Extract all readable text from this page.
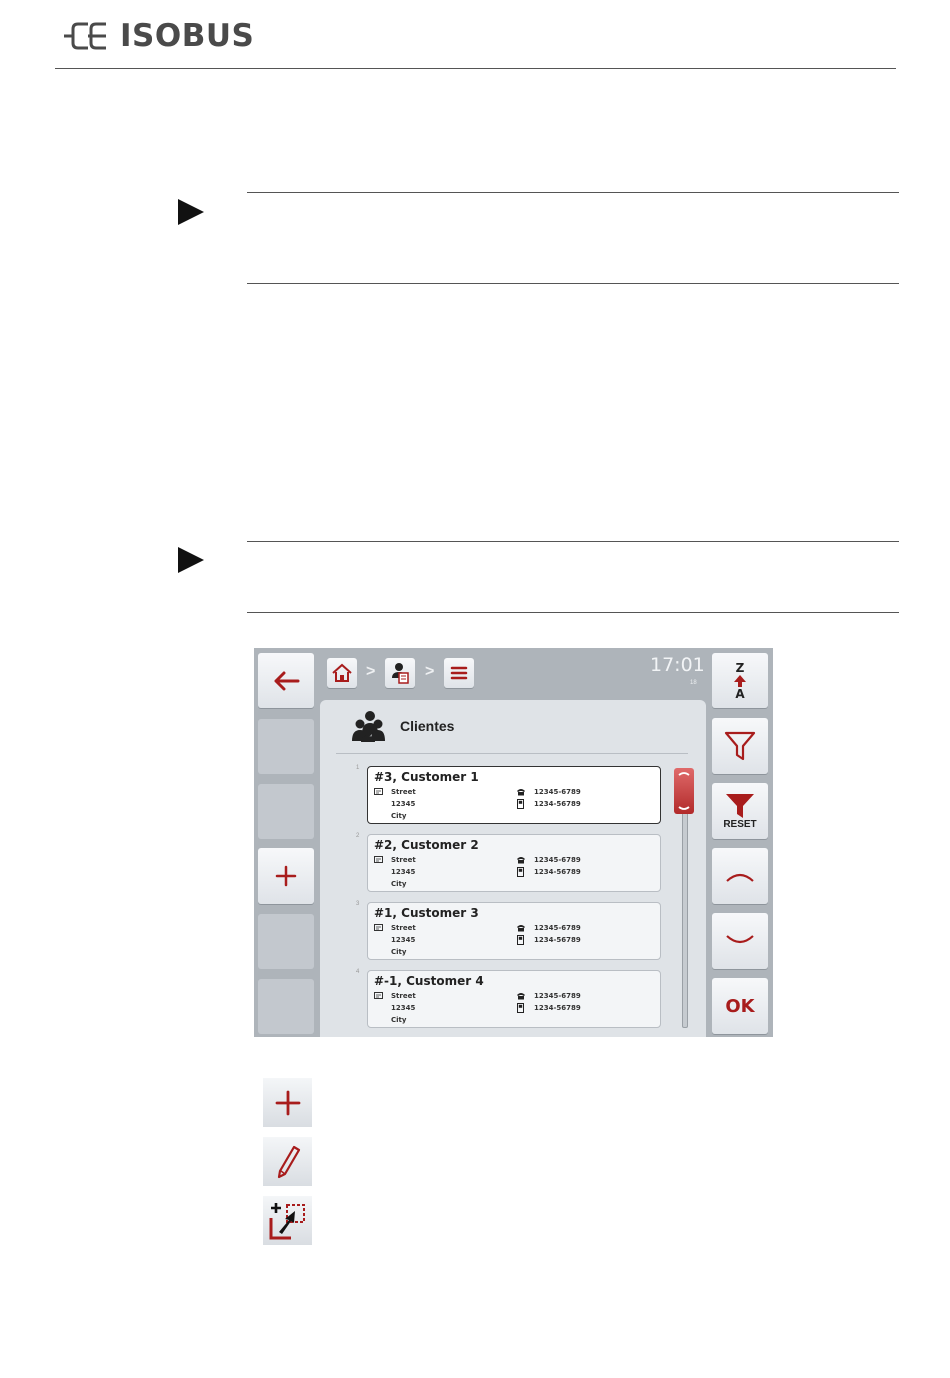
ISOBUS
>	>	17:01
18
Clientes
1
#3, Customer 1
Street
12345
City
12345-6789
1234-56789
2
#2, Customer 2
Street
12345
City
12345-6789
1234-56789
3
#1, Customer 3
Street
12345
City
12345-6789
1234-56789
4
#-1, Customer 4
Street
12345
City
12345-6789
1234-56789
Z
A
RESET
OK
